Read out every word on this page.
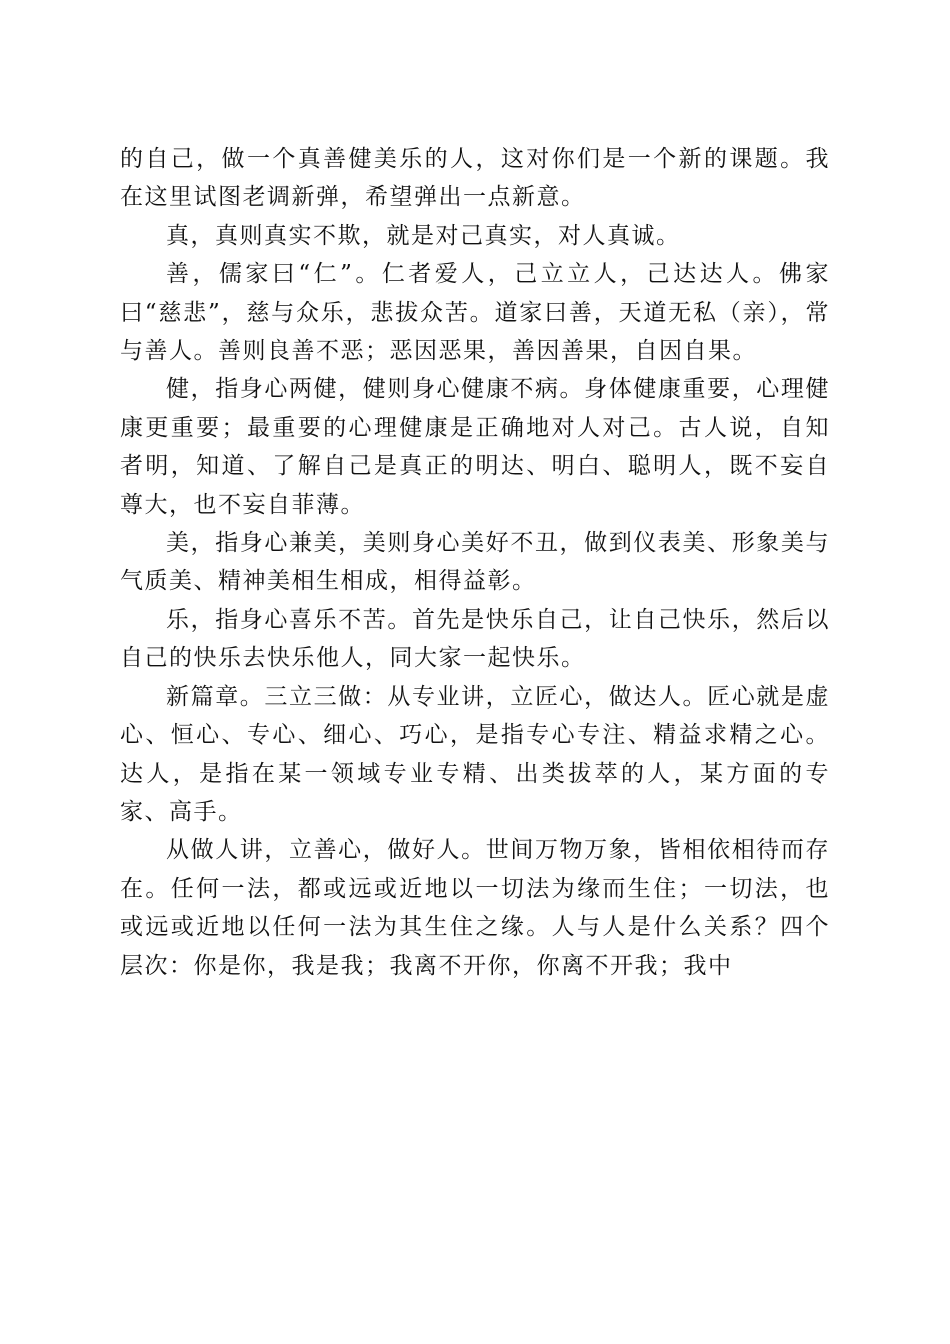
的自己，做一个真善健美乐的人，这对你们是一个新的课题。我在这里试图老调新弹，希望弹出一点新意。

真，真则真实不欺，就是对己真实，对人真诚。

善，儒家曰“仁”。仁者爱人，己立立人，己达达人。佛家曰“慈悲”，慈与众乐，悲拔众苦。道家曰善，天道无私（亲），常与善人。善则良善不恶；恶因恶果，善因善果，自因自果。

健，指身心两健，健则身心健康不病。身体健康重要，心理健康更重要；最重要的心理健康是正确地对人对己。古人说，自知者明，知道、了解自己是真正的明达、明白、聪明人，既不妄自尊大，也不妄自菲薄。

美，指身心兼美，美则身心美好不丑，做到仪表美、形象美与气质美、精神美相生相成，相得益彰。

乐，指身心喜乐不苦。首先是快乐自己，让自己快乐，然后以自己的快乐去快乐他人，同大家一起快乐。

新篇章。三立三做：从专业讲，立匠心，做达人。匠心就是虚心、恒心、专心、细心、巧心，是指专心专注、精益求精之心。达人，是指在某一领域专业专精、出类拔萃的人，某方面的专家、高手。

从做人讲，立善心，做好人。世间万物万象，皆相依相待而存在。任何一法，都或远或近地以一切法为缘而生住；一切法，也或远或近地以任何一法为其生住之缘。人与人是什么关系？四个层次：你是你，我是我；我离不开你，你离不开我；我中
